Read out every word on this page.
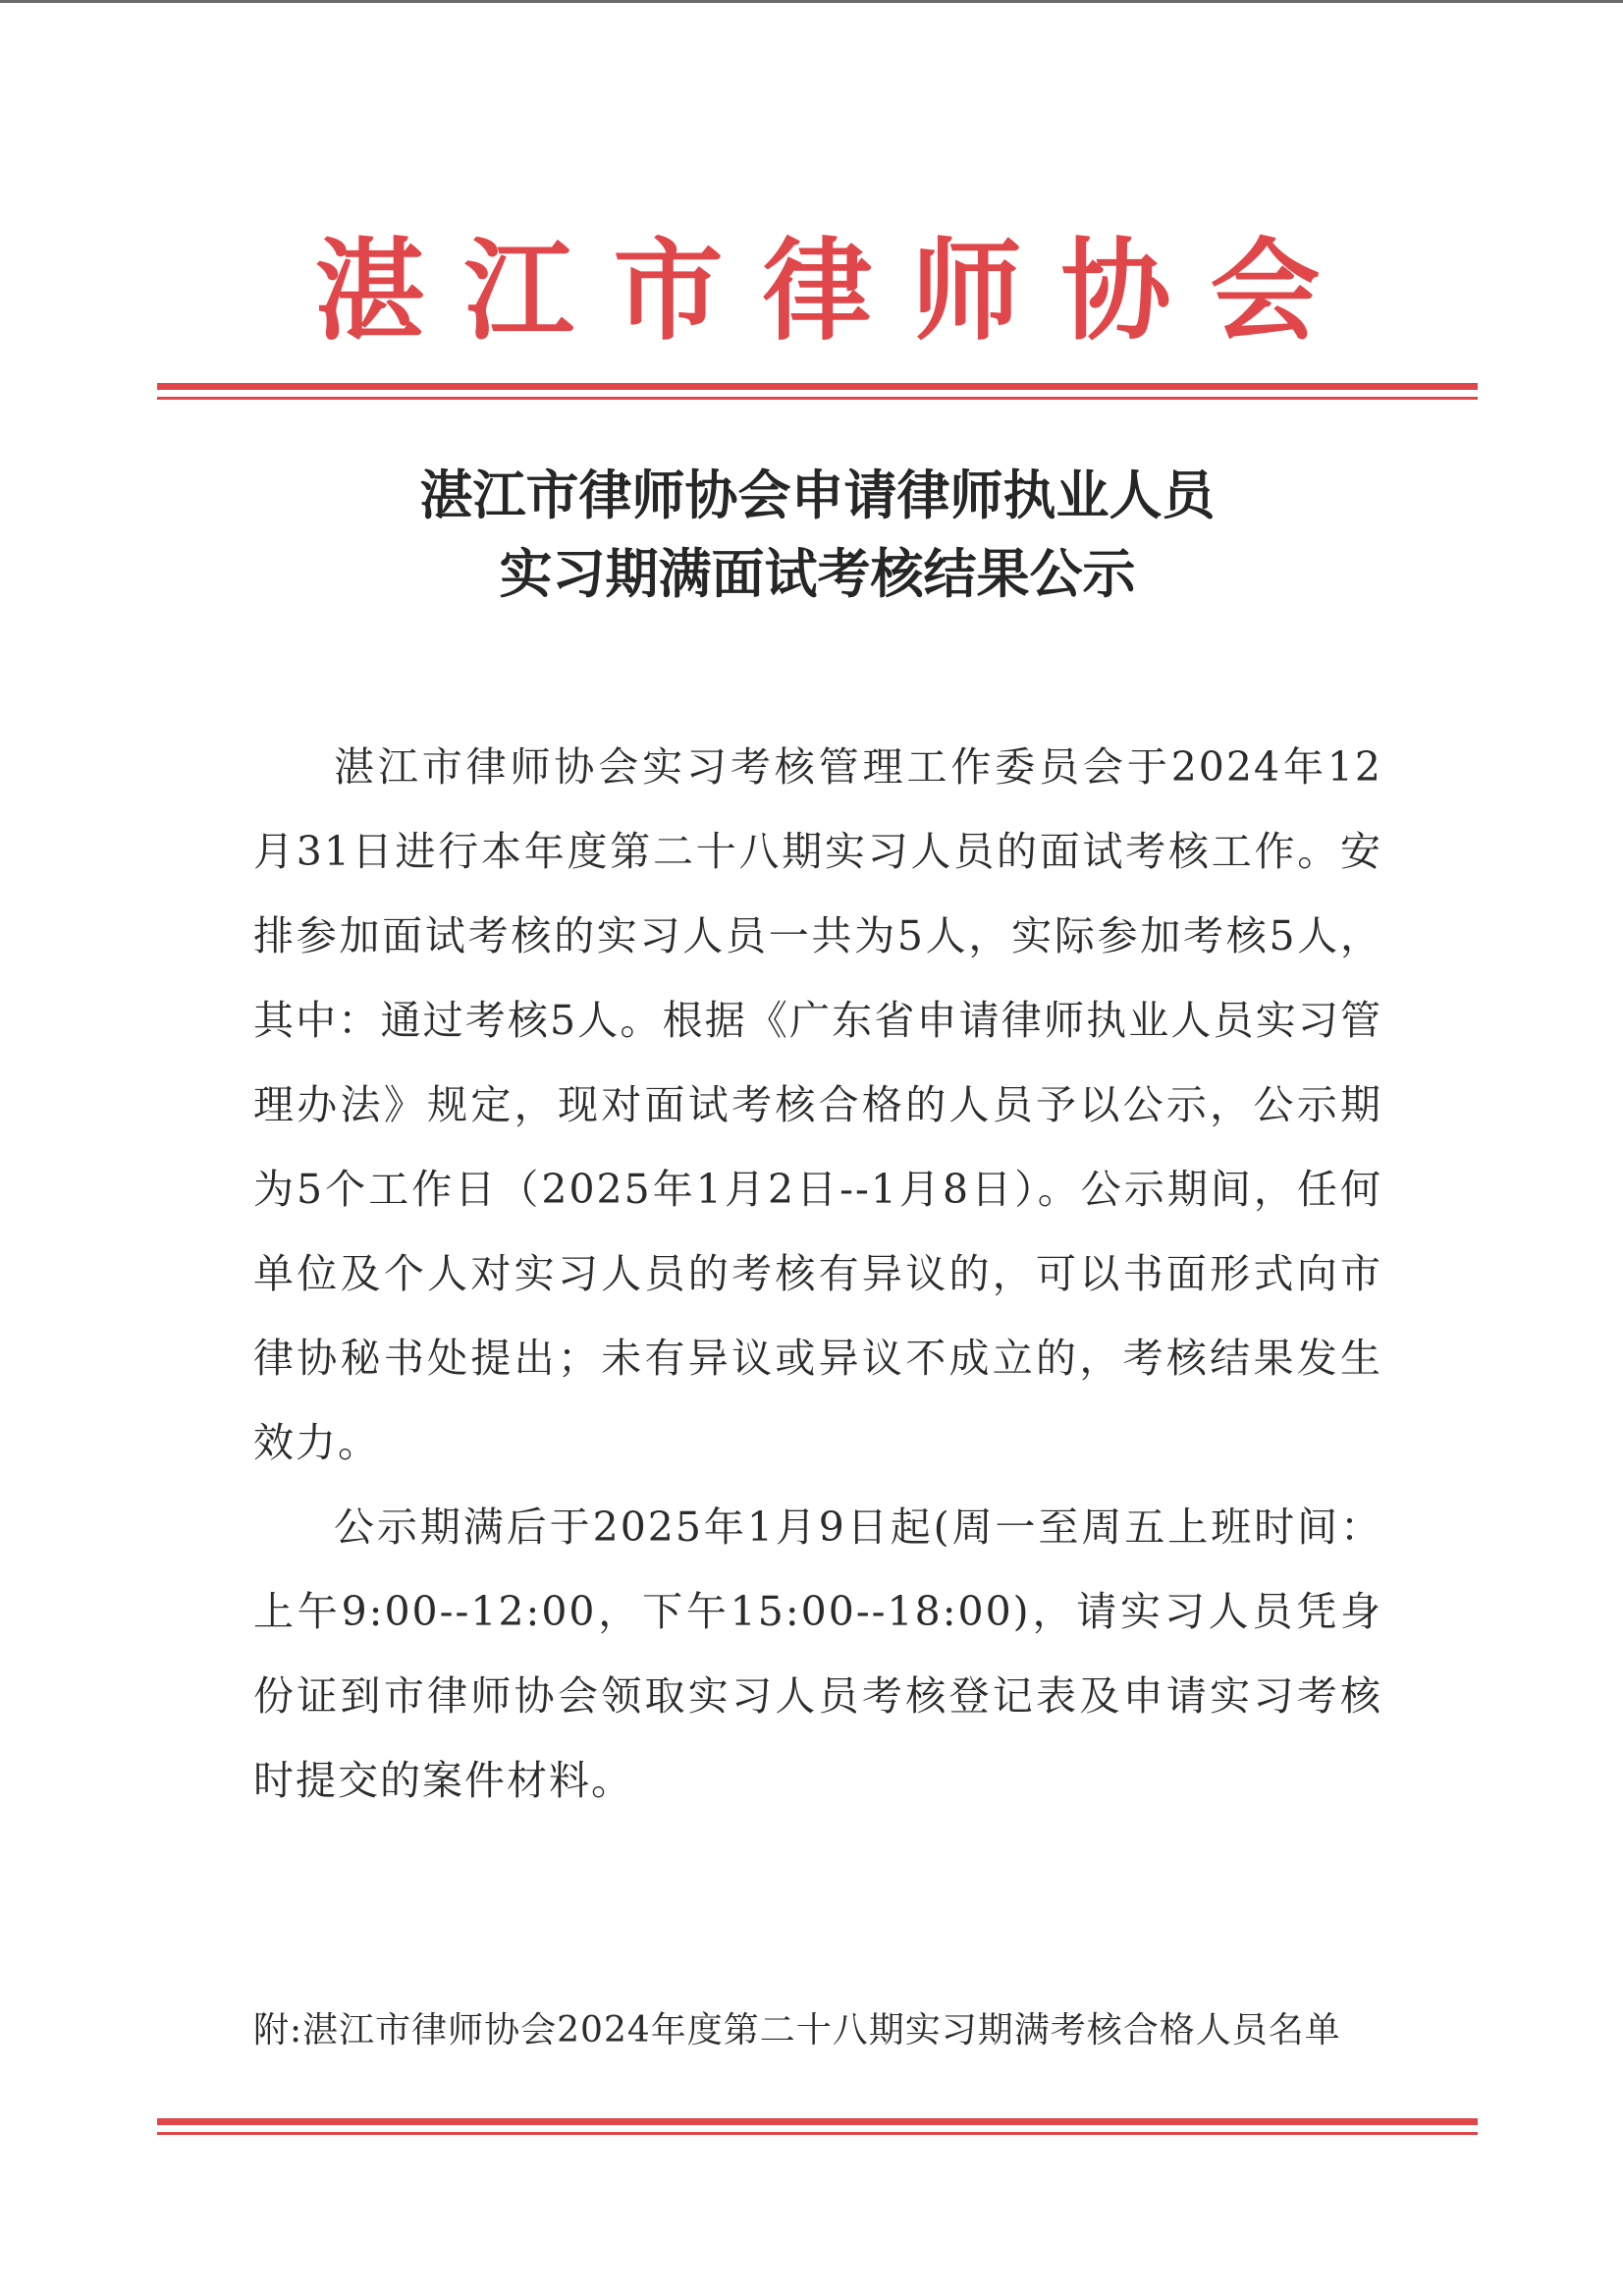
湛 江 市 律 师 协 会
湛江市律师协会申请律师执业人员
实习期满面试考核结果公示

湛江市律师协会实习考核管理工作委员会于2024年12月31日进行本年度第二十八期实习人员的面试考核工作。安排参加面试考核的实习人员一共为5人，实际参加考核5人，其中：通过考核5人。根据《广东省申请律师执业人员实习管理办法》规定，现对面试考核合格的人员予以公示，公示期为5个工作日（2025年1月2日--1月8日）。公示期间，任何单位及个人对实习人员的考核有异议的，可以书面形式向市律协秘书处提出；未有异议或异议不成立的，考核结果发生效力。

公示期满后于2025年1月9日起(周一至周五上班时间：上午9:00--12:00，下午15:00--18:00)，请实习人员凭身份证到市律师协会领取实习人员考核登记表及申请实习考核时提交的案件材料。

附:湛江市律师协会2024年度第二十八期实习期满考核合格人员名单
